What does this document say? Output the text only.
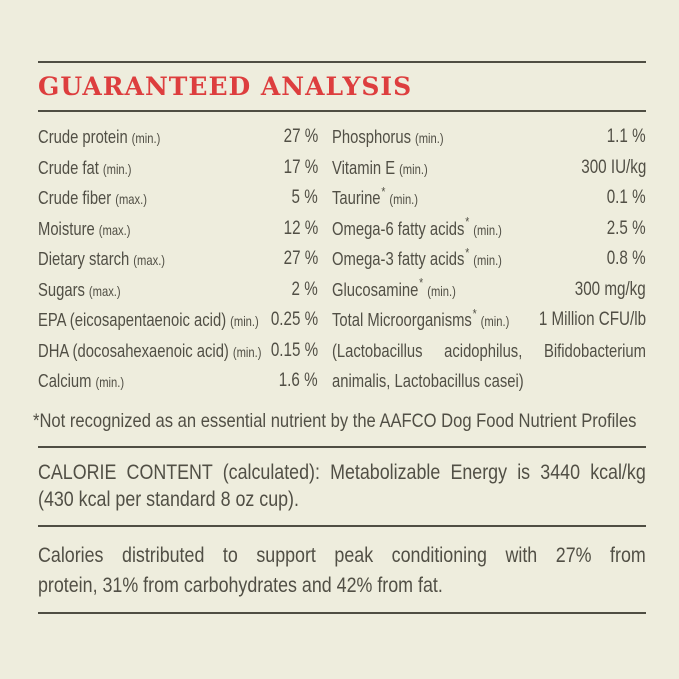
GUARANTEED ANALYSIS
Crude protein (min.)	27 %
Crude fat (min.)	17 %
Crude fiber (max.)	5 %
Moisture (max.)	12 %
Dietary starch (max.)	27 %
Sugars (max.)	2 %
EPA (eicosapentaenoic acid) (min.) 0.25 %
DHA (docosahexaenoic acid) (min.) 0.15 %
Calcium (min.)	1.6 %
Phosphorus (min.)	1.1 %
Vitamin E (min.)	300 IU/kg
Taurine* (min.)	0.1 %
Omega-6 fatty acids* (min.)	2.5 %
Omega-3 fatty acids* (min.)	0.8 %
Glucosamine* (min.)	300 mg/kg
Total Microorganisms* (min.) 1 Million CFU/lb
(Lactobacillus acidophilus, Bifidobacterium
animalis, Lactobacillus casei)
*Not recognized as an essential nutrient by the AAFCO Dog Food Nutrient Profiles
CALORIE CONTENT (calculated): Metabolizable Energy is 3440 kcal/kg
(430 kcal per standard 8 oz cup).
Calories distributed to support peak conditioning with 27% from
protein, 31% from carbohydrates and 42% from fat.
